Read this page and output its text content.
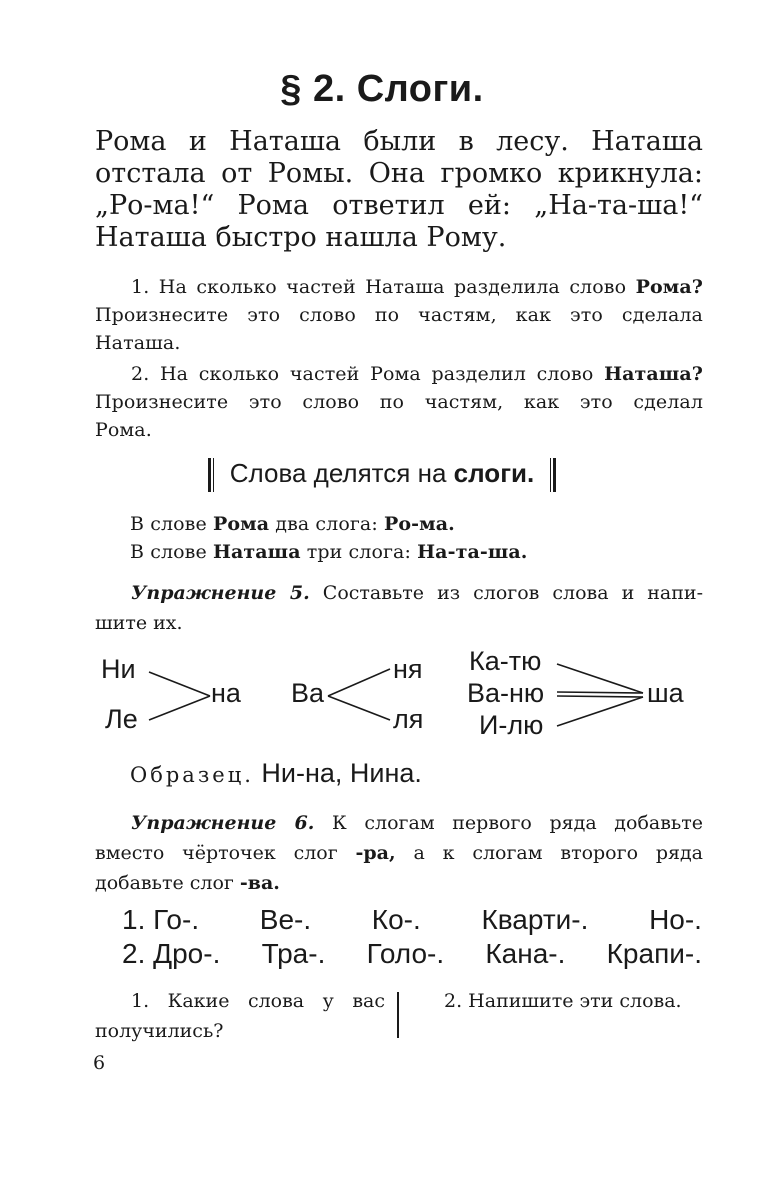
§ 2. Слоги.
Рома и Наташа были в лесу. Наташа
отстала от Ромы. Она громко крикнула:
„Ро-ма!“ Рома ответил ей: „На-та-ша!“
Наташа быстро нашла Рому.
1. На сколько частей Наташа разделила слово Рома?
Произнесите это слово по частям, как это сделала
Наташа.
2. На сколько частей Рома разделил слово Наташа?
Произнесите это слово по частям, как это сделал
Рома.
Слова делятся на слоги.
В слове Рома два слога: Ро-ма.
В слове Наташа три слога: На-та-ша.
Упражнение 5. Составьте из слогов слова и напи-
шите их.
Ни
Ле
на Ва
ня
ля
Ка-тю
Ва-ню
И-лю
ша
Образец. Ни-на, Нина.
Упражнение 6. К слогам первого ряда добавьте
вместо чёрточек слог -ра, а к слогам второго ряда
добавьте слог -ва.
1. Го-. Ве-. Ко-. Кварти-. Но-.
2. Дро-. Тра-. Голо-. Кана-. Крапи-.
1. Какие слова у вас
получились?
2. Напишите эти слова.
6
